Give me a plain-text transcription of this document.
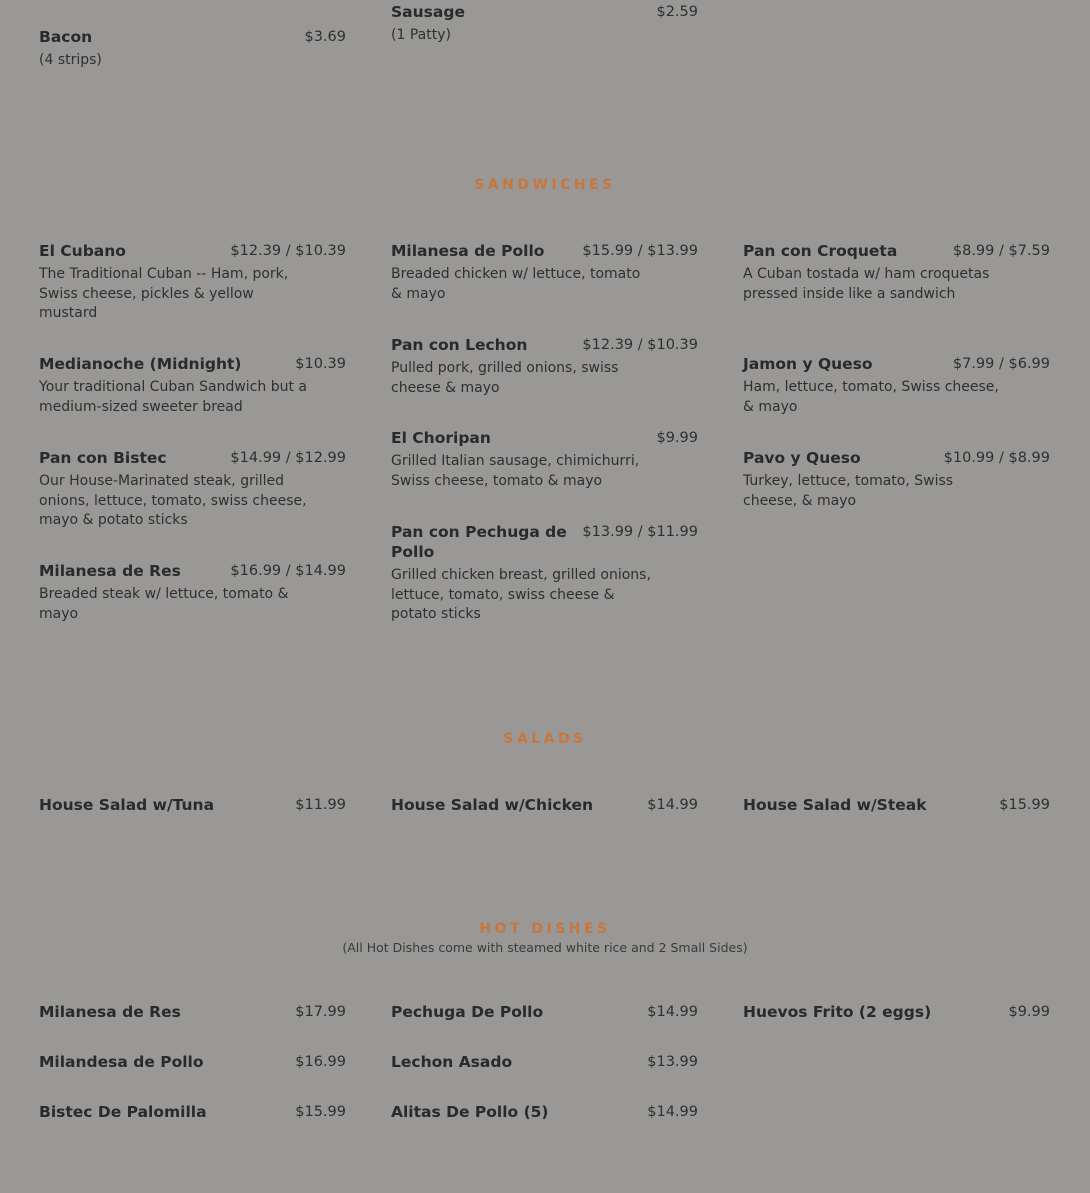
Bacon	$3.69
(4 strips)
Sausage	$2.59
(1 Patty)
SANDWICHES
El Cubano	$12.39 / $10.39
The Traditional Cuban -- Ham, pork, Swiss cheese, pickles & yellow mustard
Medianoche (Midnight)	$10.39
Your traditional Cuban Sandwich but a medium-sized sweeter bread
Pan con Bistec	$14.99 / $12.99
Our House-Marinated steak, grilled onions, lettuce, tomato, swiss cheese, mayo & potato sticks
Milanesa de Res	$16.99 / $14.99
Breaded steak w/ lettuce, tomato & mayo
Milanesa de Pollo	$15.99 / $13.99
Breaded chicken w/ lettuce, tomato & mayo
Pan con Lechon	$12.39 / $10.39
Pulled pork, grilled onions, swiss cheese & mayo
El Choripan	$9.99
Grilled Italian sausage, chimichurri, Swiss cheese, tomato & mayo
Pan con Pechuga de Pollo
$13.99 / $11.99
Grilled chicken breast, grilled onions, lettuce, tomato, swiss cheese & potato sticks
Pan con Croqueta	$8.99 / $7.59
A Cuban tostada w/ ham croquetas pressed inside like a sandwich
Jamon y Queso	$7.99 / $6.99
Ham, lettuce, tomato, Swiss cheese, & mayo
Pavo y Queso	$10.99 / $8.99
Turkey, lettuce, tomato, Swiss cheese, & mayo
SALADS
House Salad w/Tuna	$11.99	House Salad w/Chicken	$14.99	House Salad w/Steak	$15.99
HOT DISHES
(All Hot Dishes come with steamed white rice and 2 Small Sides)
Milanesa de Res	$17.99
Milandesa de Pollo	$16.99
Bistec De Palomilla	$15.99
Pechuga De Pollo	$14.99
Lechon Asado	$13.99
Alitas De Pollo (5)	$14.99
Huevos Frito (2 eggs)	$9.99
